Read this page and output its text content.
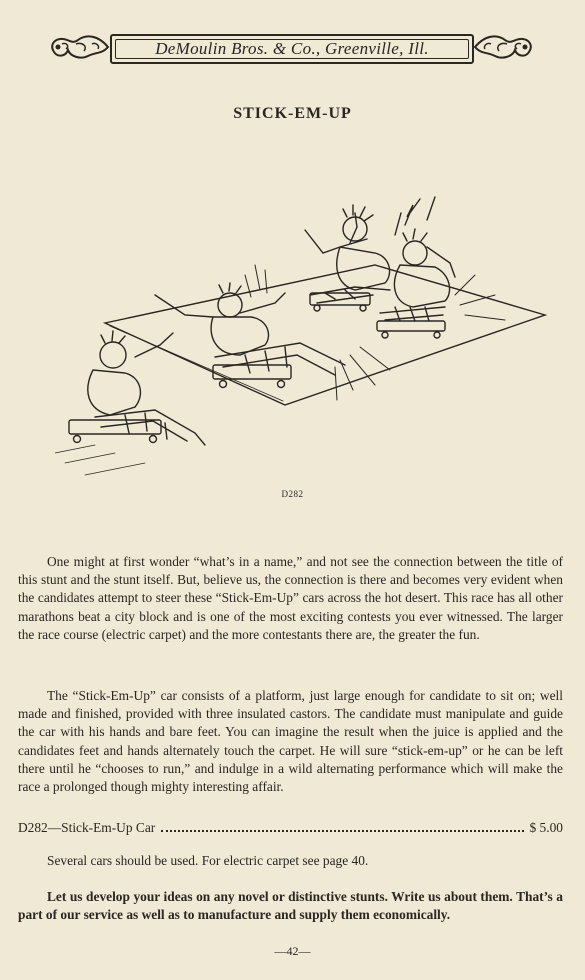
DeMoulin Bros. & Co., Greenville, Ill.
STICK-EM-UP
D282

One might at first wonder “what’s in a name,” and not see the connection between the title of this stunt and the stunt itself. But, believe us, the connection is there and becomes very evident when the candidates attempt to steer these “Stick-Em-Up” cars across the hot desert. This race has all other marathons beat a city block and is one of the most exciting contests you ever witnessed. The larger the race course (electric carpet) and the more contestants there are, the greater the fun.

The “Stick-Em-Up” car consists of a platform, just large enough for candidate to sit on; well made and finished, provided with three insulated castors. The candidate must manipulate and guide the car with his hands and bare feet. You can imagine the result when the juice is applied and the candidates feet and hands alternately touch the carpet. He will sure “stick-em-up” or he can be left there until he “chooses to run,” and indulge in a wild alternating performance which will make the race a prolonged though mighty interesting affair.

D282—Stick-Em-Up Car	$ 5.00
Several cars should be used. For electric carpet see page 40.

Let us develop your ideas on any novel or distinctive stunts. Write us about them. That’s a part of our service as well as to manufacture and supply them economically.

—42—
